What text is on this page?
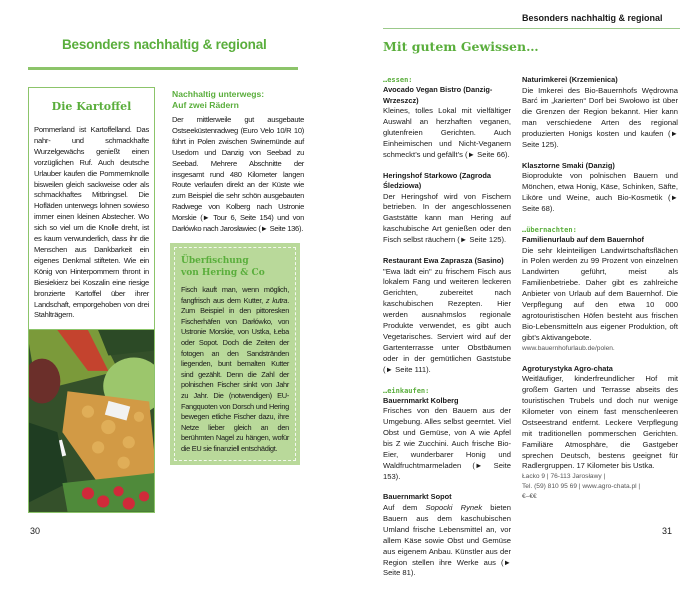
Besonders nachhaltig & regional
Die Kartoffel

Pommerland ist Kartoffelland. Das nahr- und schmackhafte Wurzelgewächs genießt einen vorzüglichen Ruf. Auch deutsche Urlauber kaufen die Pommernknolle bisweilen gleich sackweise oder als schmackhaftes Mitbringsel. Die Hofläden unterwegs lohnen sowieso immer einen kleinen Abstecher. Wo sich so viel um die Knolle dreht, ist es kaum verwunderlich, dass ihr die Menschen aus Dankbarkeit ein eigenes Denkmal stifteten. Wie ein König von Hinterpommern thront in Biesiekierz bei Koszalin eine riesige bronzierte Kartoffel über ihrer Landschaft, emporgehoben von drei Stahlträgern.

30
Nachhaltig unterwegs:
Auf zwei Rädern

Der mittlerweile gut ausgebaute Ostseeküstenradweg (Euro Velo 10/R 10) führt in Polen zwischen Swinemünde auf Usedom und Danzig von Seebad zu Seebad. Mehrere Abschnitte der insgesamt rund 480 Kilometer langen Route verlaufen direkt an der Küste wie zum Beispiel die sehr schön ausgebauten Radwege von Kolberg nach Ustronie Morskie (► Tour 6, Seite 154) und von Darłówko nach Jarosławiec (► Seite 136).

Überfischung
von Hering & Co

Fisch kauft man, wenn möglich, fangfrisch aus dem Kutter, z kutra. Zum Beispiel in den pittoresken Fischerhäfen von Darłówko, von Ustronie Morskie, von Ustka, Łeba oder Sopot. Doch die Zeiten der fotogen an den Sandstränden liegenden, bunt bemalten Kutter sind gezählt. Denn die Zahl der polnischen Fischer sinkt von Jahr zu Jahr. Die (notwendigen) EU-Fangquoten von Dorsch und Hering bewegen etliche Fischer dazu, ihre Netze lieber gleich an den berühmten Nagel zu hängen, wofür die EU sie finanziell entschädigt.

Besonders nachhaltig & regional
Mit gutem Gewissen…
…essen:
Avocado Vegan Bistro (Danzig-Wrzeszcz)

Kleines, tolles Lokal mit vielfältiger Auswahl an herzhaften veganen, glutenfreien Gerichten. Auch Einheimischen und Nicht-Veganern schmeckt’s und gefällt’s (► Seite 66).

Heringshof Starkowo (Zagroda Śledziowa)

Der Heringshof wird von Fischern betrieben. In der angeschlossenen Gaststätte kann man Hering auf kaschubische Art genießen oder den Fisch selbst räuchern (► Seite 125).

Restaurant Ewa Zaprasza (Sasino)

"Ewa lädt ein" zu frischem Fisch aus lokalem Fang und weiteren leckeren Gerichten, zubereitet nach kaschubischen Rezepten. Hier werden ausnahmslos regionale Produkte verwendet, es gibt auch Vegetarisches. Serviert wird auf der Gartenterrasse unter Obstbäumen oder in der gemütlichen Gaststube (► Seite 111).

…einkaufen:
Bauernmarkt Kolberg

Frisches von den Bauern aus der Umgebung. Alles selbst geerntet. Viel Obst und Gemüse, von A wie Apfel bis Z wie Zucchini. Auch frische Bio-Eier, wunderbarer Honig und Waldfruchtmarmeladen (► Seite 153).

Bauernmarkt Sopot

Auf dem Sopocki Rynek bieten Bauern aus dem kaschubischen Umland frische Lebensmittel an, vor allem Käse sowie Obst und Gemüse aus eigenem Anbau. Künstler aus der Region stellen ihre Werke aus (► Seite 81).

Naturimkerei (Krzemienica)

Die Imkerei des Bio-Bauernhofs Wędrowna Barć im „karierten“ Dorf bei Swołowo ist über die Grenzen der Region bekannt. Hier kann man verschiedene Arten des regional produzierten Honigs kosten und kaufen (► Seite 125).

Klasztorne Smaki (Danzig)

Bioprodukte von polnischen Bauern und Mönchen, etwa Honig, Käse, Schinken, Säfte, Liköre und Weine, auch Bio-Kosmetik (► Seite 68).

…übernachten:
Familienurlaub auf dem Bauernhof

Die sehr kleinteiligen Landwirtschaftsflächen in Polen werden zu 99 Prozent von einzelnen Landwirten geführt, meist als Familienbetriebe. Daher gibt es zahlreiche Anbieter von Urlaub auf dem Bauernhof. Die Verpflegung auf den etwa 10 000 agrotouristischen Höfen besteht aus frischen Bio-Lebensmitteln aus eigener Produktion, oft gibt’s Aktivangebote.

www.bauernhofurlaub.de/polen.
Agroturystyka Agro-chata

Weitläufiger, kinderfreundlicher Hof mit großem Garten und Terrasse abseits des touristischen Trubels und doch nur wenige Kilometer von einem fast menschenleeren Ostseestrand entfernt. Leckere Verpflegung mit traditionellen pommerschen Gerichten. Familiäre Atmosphäre, die Gastgeber sprechen Deutsch, bestens geeignet für Radlergruppen. 17 Kilometer bis Ustka.

Łacko 9 | 76-113 Jarosławy |
Tel. (59) 810 95 69 | www.agro-chata.pl |
€–€€
31
